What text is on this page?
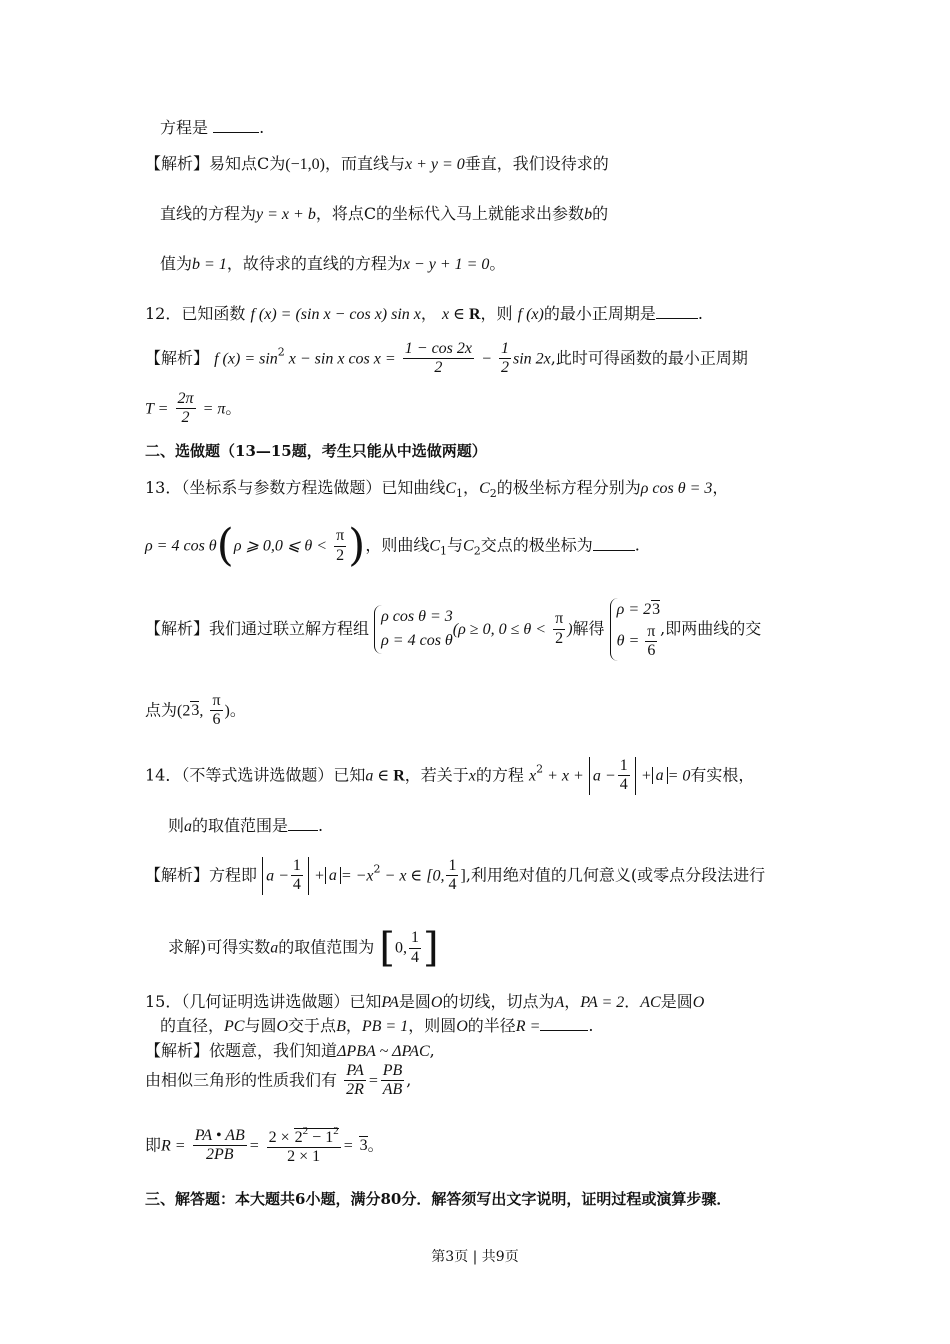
方程是	.
【解析】易知点C为(−1,0)，而直线与x + y = 0垂直，我们设待求的
直线的方程为y = x + b，将点C的坐标代入马上就能求出参数b的
值为b = 1，故待求的直线的方程为x − y + 1 = 0。
12．已知函数 f (x) = (sin x − cos x) sin x， x ∈ R，则 f (x)的最小正周期是	.
【解析】 f $(x) = \sin^2 x - \sin x$ $\cos x = \frac{1 - \cos 2x}{2} - \frac{1}{2}$ sin 2x,此时可得函数的最小正周期
$T = \frac{2\pi}{2} = \pi$。
二、选做题（13—15题，考生只能从中选做两题）
13．（坐标系与参数方程选做题）已知曲线$C_1$，$C_2$的极坐标方程分别为ρ cos θ = 3，
ρ = 4 cos θ(ρ ⩾ 0,0 ⩽ $\theta < \frac{\pi}{2}$ )，则曲线$C_1$与$C_2$交点的极坐标为	.
【解析】我们通过联立解方程组
ρ cos θ = 3
ρ = 4 cos θ
(ρ ≥ 0, $0 \le \theta < \frac{\pi}{2}$ )解得
ρ = 23
$\theta = \frac{\pi}{6}$ ,即两曲线的交
点为(23, $\frac{\pi}{6}$ )。
14．（不等式选讲选做题）已知a ∈ R，若关于x的方程 $x^2 + x + a - \frac{1}{4} + a = 0$有实根，
则a的取值范围是 .
【解析】方程即 $a - \frac{1}{4} + a = -x^2 - x$ ∈ [0, $\frac{1}{4}$ ],利用绝对值的几何意义(或零点分段法进行
求解)可得实数a的取值范围为 [0, $\frac{1}{4}$ ]
15．（几何证明选讲选做题）已知PA是圆O的切线，切点为A，PA = 2．AC是圆O
的直径，PC与圆O交于点B，PB = 1，则圆O的半径R =	.
【解析】依题意，我们知道ΔPBA ~ ΔPAC,
由相似三角形的性质我们有 $\frac{PA}{2R} = \frac{PB}{AB}$ ,
即$R = \frac{PA • AB}{2PB} = \frac{2 \times 2^2 - 1^2}{2 \times 1} = 3$。
三、解答题：本大题共6小题，满分80分．解答须写出文字说明，证明过程或演算步骤．
第3页 | 共9页
